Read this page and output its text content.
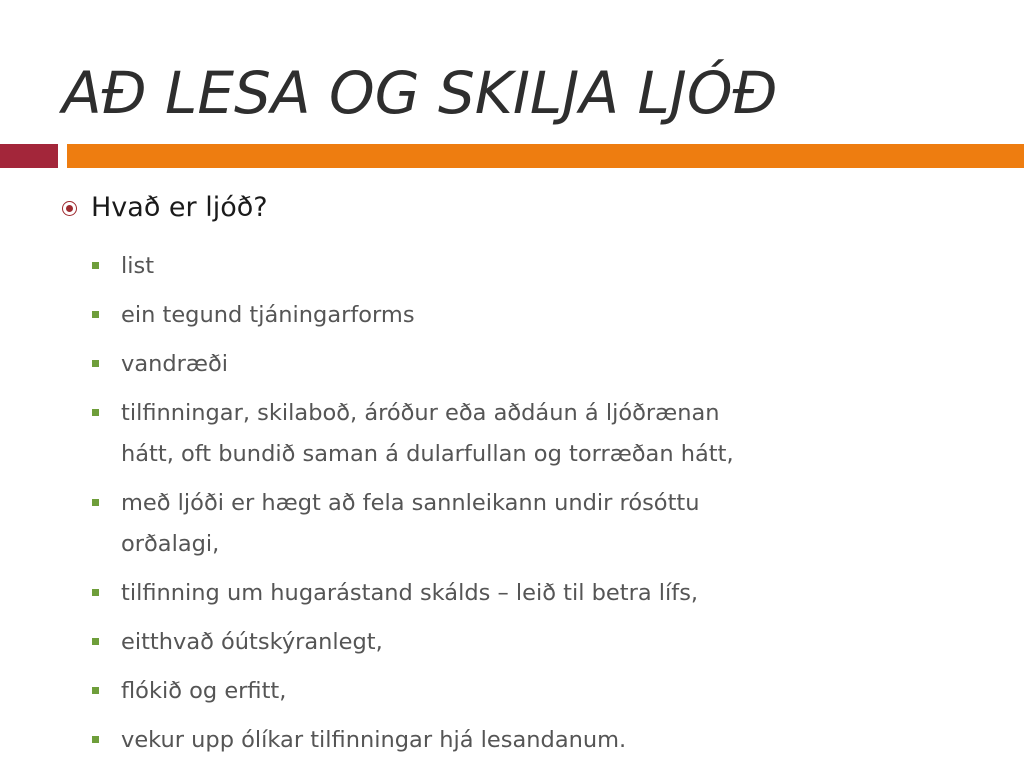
AÐ LESA OG SKILJA LJÓÐ
Hvað er ljóð?
list
ein tegund tjáningarforms
vandræði
tilfinningar, skilaboð, áróður eða aðdáun á ljóðrænan
hátt, oft bundið saman á dularfullan og torræðan hátt,
með ljóði er hægt að fela sannleikann undir rósóttu
orðalagi,
tilfinning um hugarástand skálds – leið til betra lífs,
eitthvað óútskýranlegt,
flókið og erfitt,
vekur upp ólíkar tilfinningar hjá lesandanum.
